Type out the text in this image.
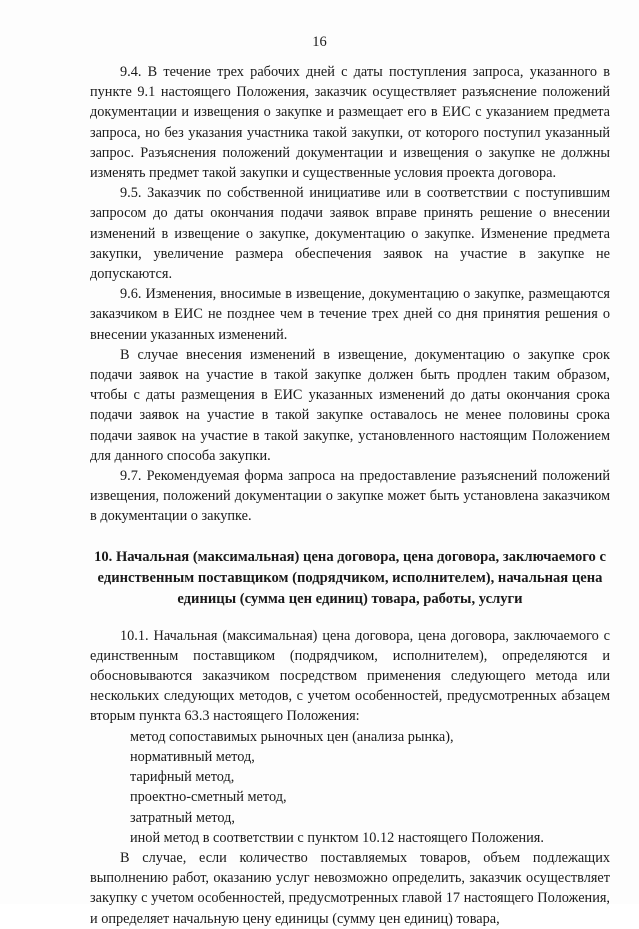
16

9.4. В течение трех рабочих дней с даты поступления запроса, указанного в пункте 9.1 настоящего Положения, заказчик осуществляет разъяснение положений документации и извещения о закупке и размещает его в ЕИС с указанием предмета запроса, но без указания участника такой закупки, от которого поступил указанный запрос. Разъяснения положений документации и извещения о закупке не должны изменять предмет такой закупки и существенные условия проекта договора.

9.5. Заказчик по собственной инициативе или в соответствии с поступившим запросом до даты окончания подачи заявок вправе принять решение о внесении изменений в извещение о закупке, документацию о закупке. Изменение предмета закупки, увеличение размера обеспечения заявок на участие в закупке не допускаются.

9.6. Изменения, вносимые в извещение, документацию о закупке, размещаются заказчиком в ЕИС не позднее чем в течение трех дней со дня принятия решения о внесении указанных изменений.

В случае внесения изменений в извещение, документацию о закупке срок подачи заявок на участие в такой закупке должен быть продлен таким образом, чтобы с даты размещения в ЕИС указанных изменений до даты окончания срока подачи заявок на участие в такой закупке оставалось не менее половины срока подачи заявок на участие в такой закупке, установленного настоящим Положением для данного способа закупки.

9.7. Рекомендуемая форма запроса на предоставление разъяснений положений извещения, положений документации о закупке может быть установлена заказчиком в документации о закупке.

10. Начальная (максимальная) цена договора, цена договора, заключаемого с единственным поставщиком (подрядчиком, исполнителем), начальная цена единицы (сумма цен единиц) товара, работы, услуги

10.1. Начальная (максимальная) цена договора, цена договора, заключаемого с единственным поставщиком (подрядчиком, исполнителем), определяются и обосновываются заказчиком посредством применения следующего метода или нескольких следующих методов, с учетом особенностей, предусмотренных абзацем вторым пункта 63.3 настоящего Положения:

метод сопоставимых рыночных цен (анализа рынка),
нормативный метод,
тарифный метод,
проектно-сметный метод,
затратный метод,
иной метод в соответствии с пунктом 10.12 настоящего Положения.

В случае, если количество поставляемых товаров, объем подлежащих выполнению работ, оказанию услуг невозможно определить, заказчик осуществляет закупку с учетом особенностей, предусмотренных главой 17 настоящего Положения, и определяет начальную цену единицы (сумму цен единиц) товара,
